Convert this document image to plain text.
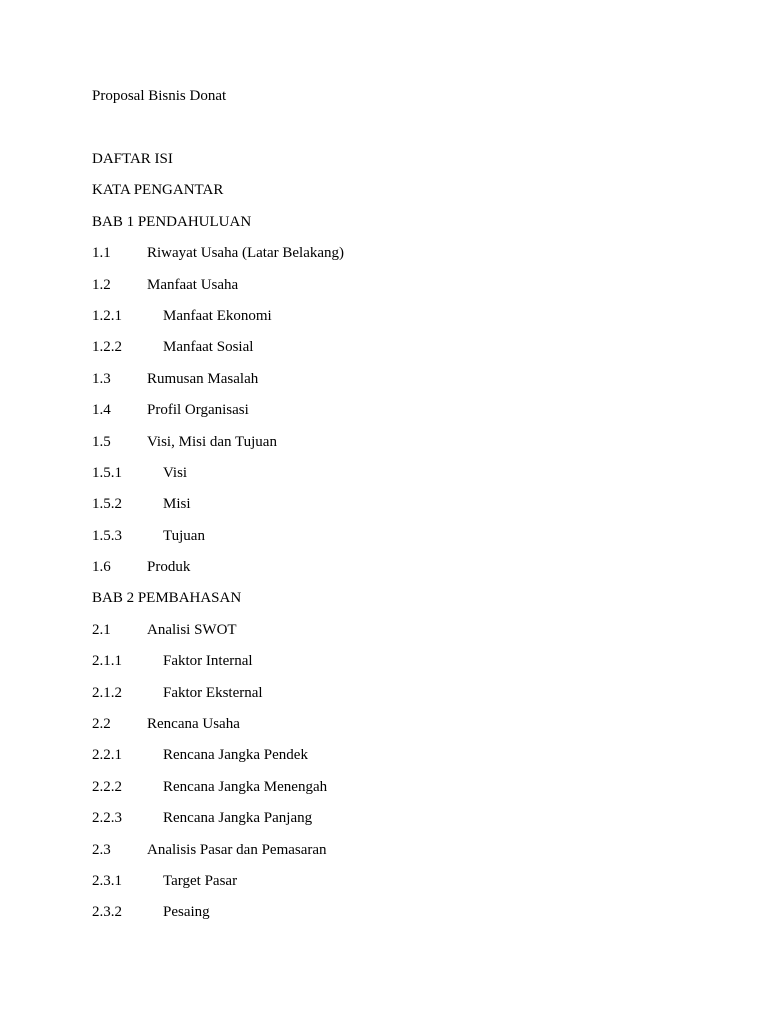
Proposal Bisnis Donat
DAFTAR ISI
KATA PENGANTAR
BAB 1 PENDAHULUAN
1.1 Riwayat Usaha (Latar Belakang)
1.2 Manfaat Usaha
1.2.1	Manfaat Ekonomi
1.2.2	Manfaat Sosial
1.3 Rumusan Masalah
1.4 Profil Organisasi
1.5 Visi, Misi dan Tujuan
1.5.1	Visi
1.5.2	Misi
1.5.3	Tujuan
1.6 Produk
BAB 2 PEMBAHASAN
2.1 Analisi SWOT
2.1.1	Faktor Internal
2.1.2	Faktor Eksternal
2.2 Rencana Usaha
2.2.1	Rencana Jangka Pendek
2.2.2	Rencana Jangka Menengah
2.2.3	Rencana Jangka Panjang
2.3 Analisis Pasar dan Pemasaran
2.3.1	Target Pasar
2.3.2	Pesaing
